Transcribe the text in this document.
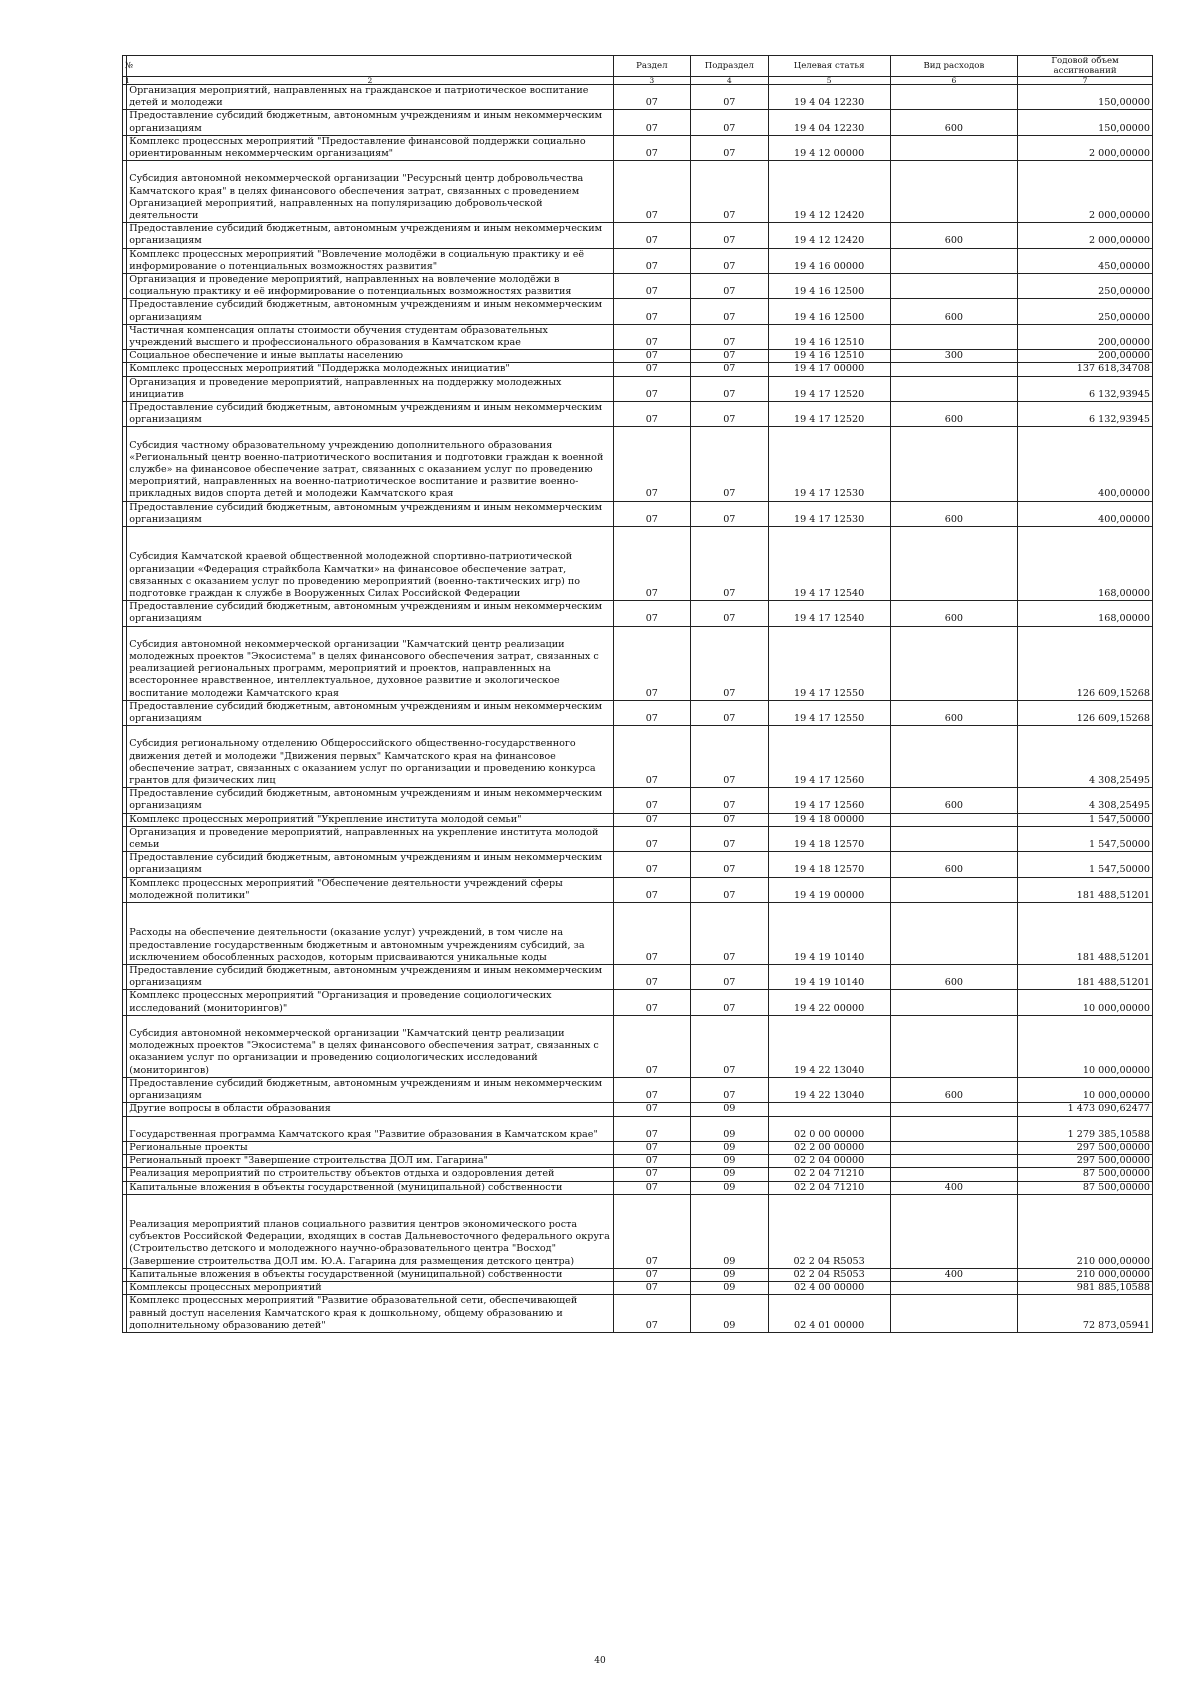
№		Раздел	Подраздел	Целевая статья	Вид расходов	Годовой объем ассигнований
1	2	3	4	5	6	7
	Организация мероприятий, направленных на гражданское и патриотическое воспитание детей и молодежи	07	07	19 4 04 12230		150,00000
	Предоставление субсидий бюджетным, автономным учреждениям и иным некоммерческим организациям	07	07	19 4 04 12230	600	150,00000
	Комплекс процессных мероприятий "Предоставление финансовой поддержки социально ориентированным некоммерческим организациям"	07	07	19 4 12 00000		2 000,00000
	Субсидия автономной некоммерческой организации "Ресурсный центр добровольчества Камчатского края" в целях финансового обеспечения затрат, связанных с проведением Организацией мероприятий, направленных на популяризацию добровольческой деятельности	07	07	19 4 12 12420		2 000,00000
	Предоставление субсидий бюджетным, автономным учреждениям и иным некоммерческим организациям	07	07	19 4 12 12420	600	2 000,00000
	Комплекс процессных мероприятий "Вовлечение молодёжи в социальную практику и её информирование о потенциальных возможностях развития"	07	07	19 4 16 00000		450,00000
	Организация и проведение мероприятий, направленных на вовлечение молодёжи в социальную практику и её информирование о потенциальных возможностях развития	07	07	19 4 16 12500		250,00000
	Предоставление субсидий бюджетным, автономным учреждениям и иным некоммерческим организациям	07	07	19 4 16 12500	600	250,00000
	Частичная компенсация оплаты стоимости обучения студентам образовательных учреждений высшего и профессионального образования в Камчатском крае	07	07	19 4 16 12510		200,00000
	Социальное обеспечение и иные выплаты населению	07	07	19 4 16 12510	300	200,00000
	Комплекс процессных мероприятий "Поддержка молодежных инициатив"	07	07	19 4 17 00000		137 618,34708
	Организация и проведение мероприятий, направленных на поддержку молодежных инициатив	07	07	19 4 17 12520		6 132,93945
	Предоставление субсидий бюджетным, автономным учреждениям и иным некоммерческим организациям	07	07	19 4 17 12520	600	6 132,93945
	Субсидия частному образовательному учреждению дополнительного образования «Региональный центр военно-патриотического воспитания и подготовки граждан к военной службе» на финансовое обеспечение затрат, связанных с оказанием услуг по проведению мероприятий, направленных на военно-патриотическое воспитание и развитие военно-прикладных видов спорта детей и молодежи Камчатского края	07	07	19 4 17 12530		400,00000
	Предоставление субсидий бюджетным, автономным учреждениям и иным некоммерческим организациям	07	07	19 4 17 12530	600	400,00000
	Субсидия Камчатской краевой общественной молодежной спортивно-патриотической организации «Федерация страйкбола Камчатки» на финансовое обеспечение затрат, связанных с оказанием услуг по проведению мероприятий (военно-тактических игр) по подготовке граждан к службе в Вооруженных Силах Российской Федерации	07	07	19 4 17 12540		168,00000
	Предоставление субсидий бюджетным, автономным учреждениям и иным некоммерческим организациям	07	07	19 4 17 12540	600	168,00000
	Субсидия автономной некоммерческой организации "Камчатский центр реализации молодежных проектов "Экосистема" в целях финансового обеспечения затрат, связанных с реализацией региональных программ, мероприятий и проектов, направленных на всестороннее нравственное, интеллектуальное, духовное развитие и экологическое воспитание молодежи Камчатского края	07	07	19 4 17 12550		126 609,15268
	Предоставление субсидий бюджетным, автономным учреждениям и иным некоммерческим организациям	07	07	19 4 17 12550	600	126 609,15268
	Субсидия региональному отделению Общероссийского общественно-государственного движения детей и молодежи "Движения первых" Камчатского края на финансовое обеспечение затрат, связанных с оказанием услуг по организации и проведению конкурса грантов для физических лиц	07	07	19 4 17 12560		4 308,25495
	Предоставление субсидий бюджетным, автономным учреждениям и иным некоммерческим организациям	07	07	19 4 17 12560	600	4 308,25495
	Комплекс процессных мероприятий "Укрепление института молодой семьи"	07	07	19 4 18 00000		1 547,50000
	Организация и проведение мероприятий, направленных на укрепление института молодой семьи	07	07	19 4 18 12570		1 547,50000
	Предоставление субсидий бюджетным, автономным учреждениям и иным некоммерческим организациям	07	07	19 4 18 12570	600	1 547,50000
	Комплекс процессных мероприятий "Обеспечение деятельности учреждений сферы молодежной политики"	07	07	19 4 19 00000		181 488,51201
	Расходы на обеспечение деятельности (оказание услуг) учреждений, в том числе на предоставление государственным бюджетным и автономным учреждениям субсидий, за исключением обособленных расходов, которым присваиваются уникальные коды	07	07	19 4 19 10140		181 488,51201
	Предоставление субсидий бюджетным, автономным учреждениям и иным некоммерческим организациям	07	07	19 4 19 10140	600	181 488,51201
	Комплекс процессных мероприятий "Организация и проведение социологических исследований (мониторингов)"	07	07	19 4 22 00000		10 000,00000
	Субсидия автономной некоммерческой организации "Камчатский центр реализации молодежных проектов "Экосистема" в целях финансового обеспечения затрат, связанных с оказанием услуг по организации и проведению социологических исследований (мониторингов)	07	07	19 4 22 13040		10 000,00000
	Предоставление субсидий бюджетным, автономным учреждениям и иным некоммерческим организациям	07	07	19 4 22 13040	600	10 000,00000
	Другие вопросы в области образования	07	09			1 473 090,62477
	Государственная программа Камчатского края "Развитие образования в Камчатском крае"	07	09	02 0 00 00000		1 279 385,10588
	Региональные проекты	07	09	02 2 00 00000		297 500,00000
	Региональный проект "Завершение строительства ДОЛ им. Гагарина"	07	09	02 2 04 00000		297 500,00000
	Реализация мероприятий по строительству объектов отдыха и оздоровления детей	07	09	02 2 04 71210		87 500,00000
	Капитальные вложения в объекты государственной (муниципальной) собственности	07	09	02 2 04 71210	400	87 500,00000
	Реализация мероприятий планов социального развития центров экономического роста субъектов Российской Федерации, входящих в состав Дальневосточного федерального округа (Строительство детского и молодежного научно-образовательного центра "Восход" (Завершение строительства ДОЛ им. Ю.А. Гагарина для размещения детского центра)	07	09	02 2 04 R5053		210 000,00000
	Капитальные вложения в объекты государственной (муниципальной) собственности	07	09	02 2 04 R5053	400	210 000,00000
	Комплексы процессных мероприятий	07	09	02 4 00 00000		981 885,10588
	Комплекс процессных мероприятий "Развитие образовательной сети, обеспечивающей равный доступ населения Камчатского края к дошкольному, общему образованию и дополнительному образованию детей"	07	09	02 4 01 00000		72 873,05941
40
